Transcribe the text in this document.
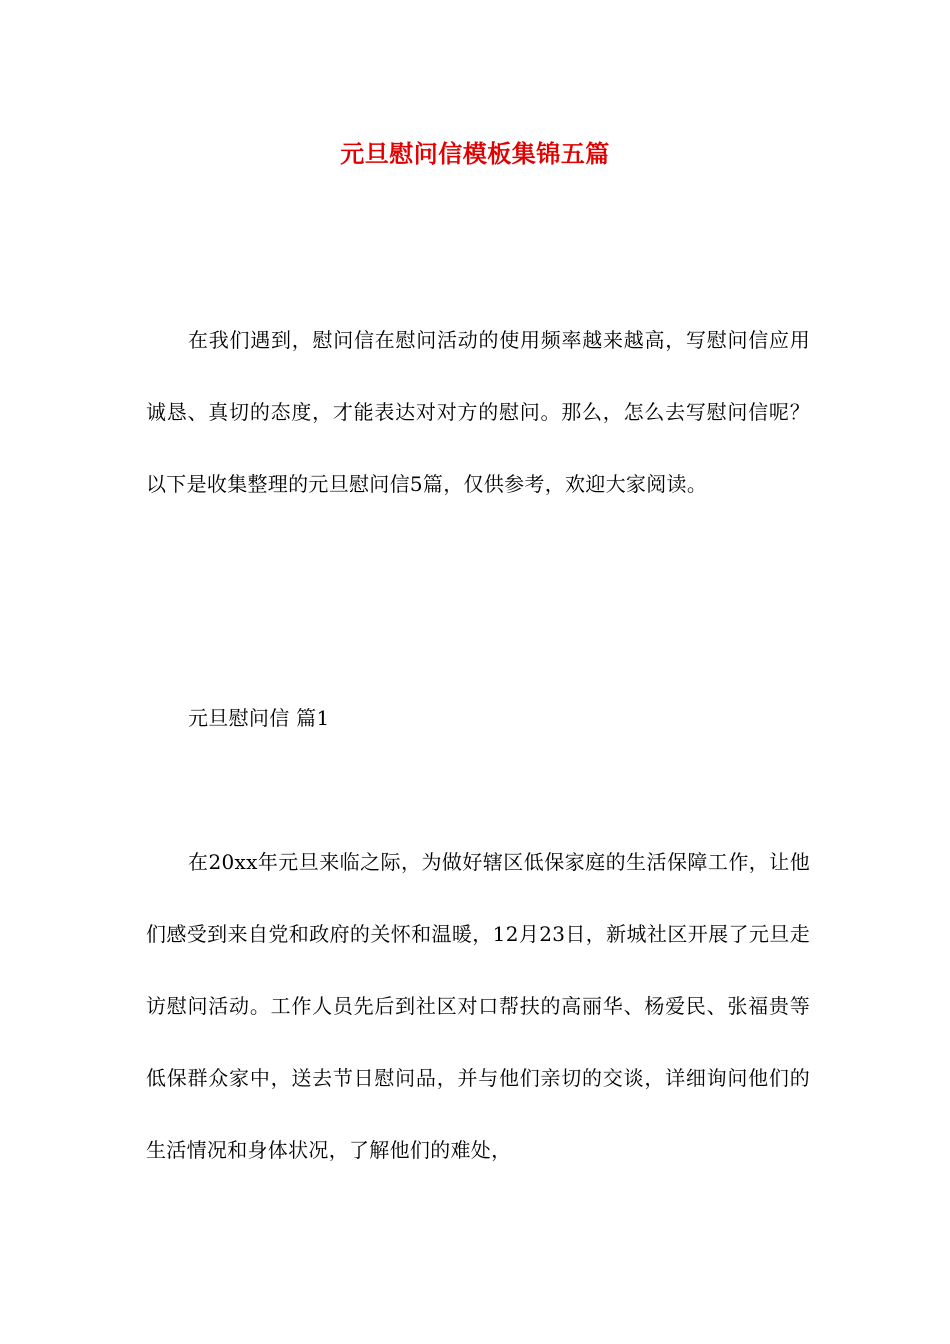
元旦慰问信模板集锦五篇

在我们遇到，慰问信在慰问活动的使用频率越来越高，写慰问信应用诚恳、真切的态度，才能表达对对方的慰问。那么，怎么去写慰问信呢？以下是收集整理的元旦慰问信5篇，仅供参考，欢迎大家阅读。

元旦慰问信 篇1

在20xx年元旦来临之际，为做好辖区低保家庭的生活保障工作，让他们感受到来自党和政府的关怀和温暖，12月23日，新城社区开展了元旦走访慰问活动。工作人员先后到社区对口帮扶的高丽华、杨爱民、张福贵等低保群众家中，送去节日慰问品，并与他们亲切的交谈，详细询问他们的生活情况和身体状况，了解他们的难处，
